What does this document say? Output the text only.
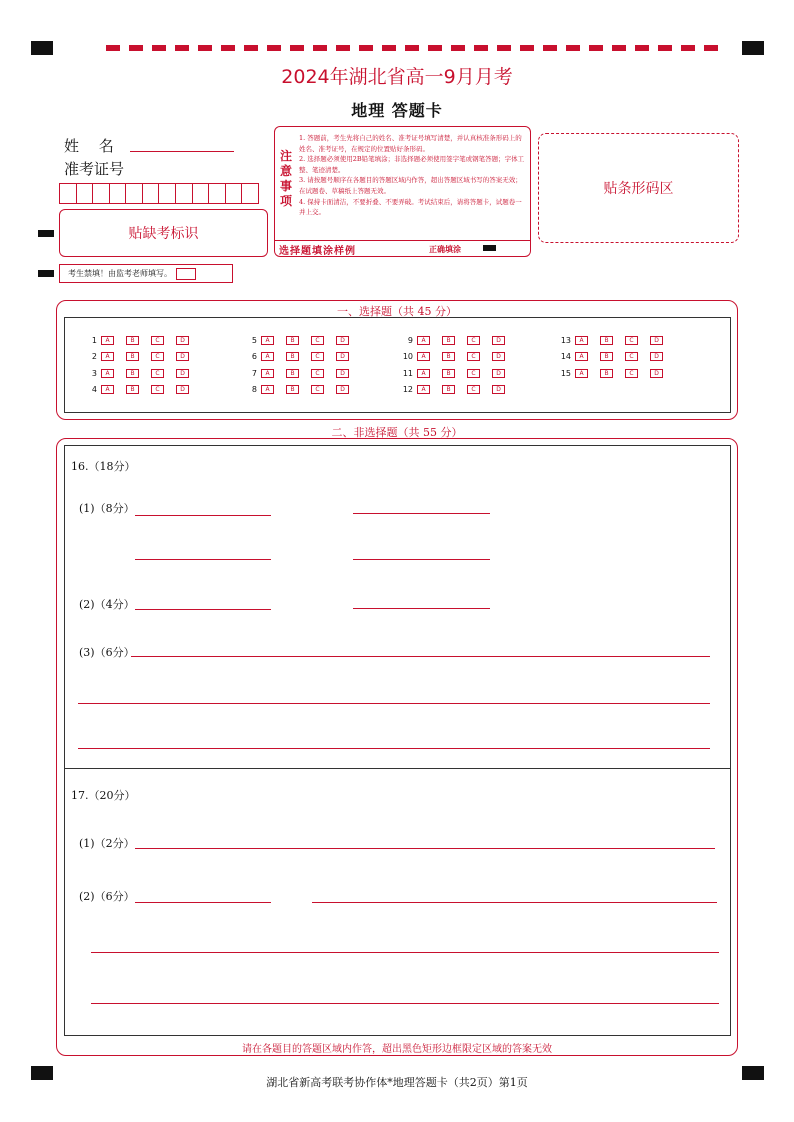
2024年湖北省高一9月月考
地理 答题卡
姓　 名
准考证号
贴缺考标识
考生禁填！由监考老师填写。
注意事项
1. 答题前，考生先将自己的姓名、准考证号填写清楚，并认真核准条形码上的姓名、准考证号，在规定的位置贴好条形码。
2. 选择题必须使用2B铅笔填涂；非选择题必须使用签字笔或钢笔答题；字体工整、笔迹清楚。
3. 请按题号顺序在各题目的答题区域内作答，超出答题区域书写的答案无效；在试题卷、草稿纸上答题无效。
4. 保持卡面清洁，不要折叠、不要弄破。考试结束后，请将答题卡，试题卷一并上交。
选择题填涂样例	正确填涂
贴条形码区
一、选择题（共 45 分）
1	A	B	C	D
2	A	B	C	D
3	A	B	C	D
4	A	B	C	D
5	A	B	C	D
6	A	B	C	D
7	A	B	C	D
8	A	B	C	D
9	A	B	C	D
10	A	B	C	D
11	A	B	C	D
12	A	B	C	D
13	A	B	C	D
14	A	B	C	D
15	A	B	C	D
二、非选择题（共 55 分）
16.（18分）
(1)（8分）
(2)（4分）
(3)（6分）
17.（20分）
(1)（2分）
(2)（6分）
请在各题目的答题区域内作答，超出黑色矩形边框限定区域的答案无效
湖北省新高考联考协作体*地理答题卡（共2页）第1页
